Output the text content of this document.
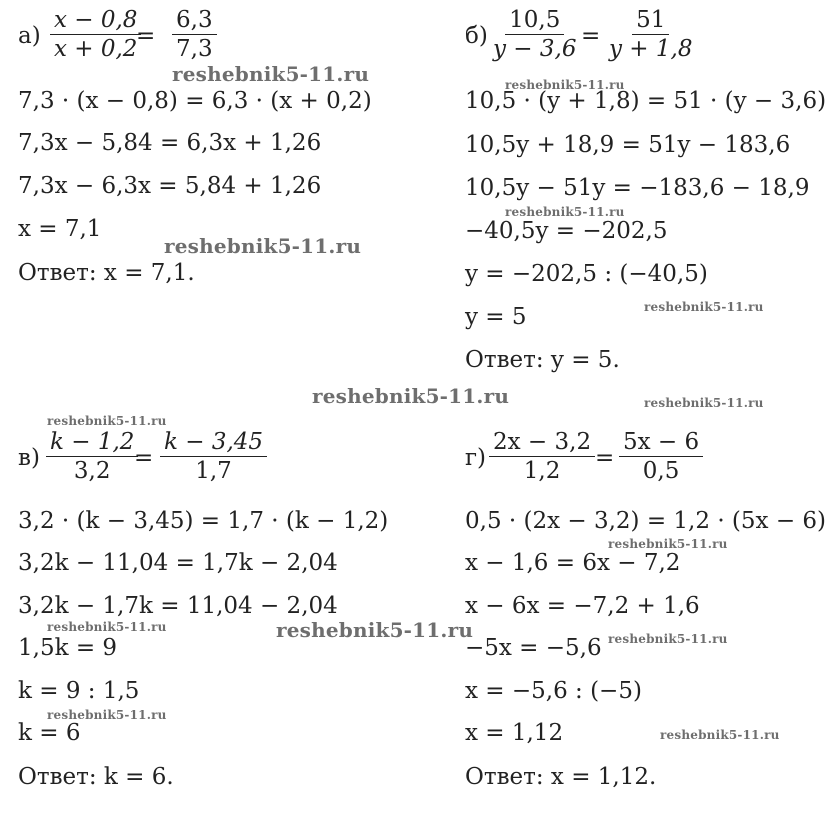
$а) \frac{x - 0,8}{x + 0,2}$
= $\frac{6,3}{7,3}$
7,3 · (x − 0,8) = 6,3 · (x + 0,2)
7,3x − 5,84 = 6,3x + 1,26
7,3x − 6,3x = 5,84 + 1,26
x = 7,1
Ответ: x = 7,1.
$б) \frac{10,5}{y - 3,6} = \frac{51}{y + 1,8}$
10,5 · (y + 1,8) = 51 · (y − 3,6)
10,5y + 18,9 = 51y − 183,6
10,5y − 51y = −183,6 − 18,9
−40,5y = −202,5
y = −202,5 : (−40,5)
y = 5
Ответ: y = 5.
$в) \frac{k - 1,2}{3,2}$
= $\frac{k - 3,45}{1,7}$
3,2 · (k − 3,45) = 1,7 · (k − 1,2)
3,2k − 11,04 = 1,7k − 2,04
3,2k − 1,7k = 11,04 − 2,04
1,5k = 9
k = 9 : 1,5
k = 6
Ответ: k = 6.
$г) \frac{2x - 3,2}{1,2} = \frac{5x - 6}{0,5}$
0,5 · (2x − 3,2) = 1,2 · (5x − 6)
x − 1,6 = 6x − 7,2
x − 6x = −7,2 + 1,6
−5x = −5,6
x = −5,6 : (−5)
x = 1,12
Ответ: x = 1,12.
reshebnik5-11.ru
reshebnik5-11.ru
reshebnik5-11.ru
reshebnik5-11.ru
reshebnik5-11.ru
reshebnik5-11.ru
reshebnik5-11.ru
reshebnik5-11.ru
reshebnik5-11.ru
reshebnik5-11.ru
reshebnik5-11.ru
reshebnik5-11.ru
reshebnik5-11.ru
reshebnik5-11.ru
